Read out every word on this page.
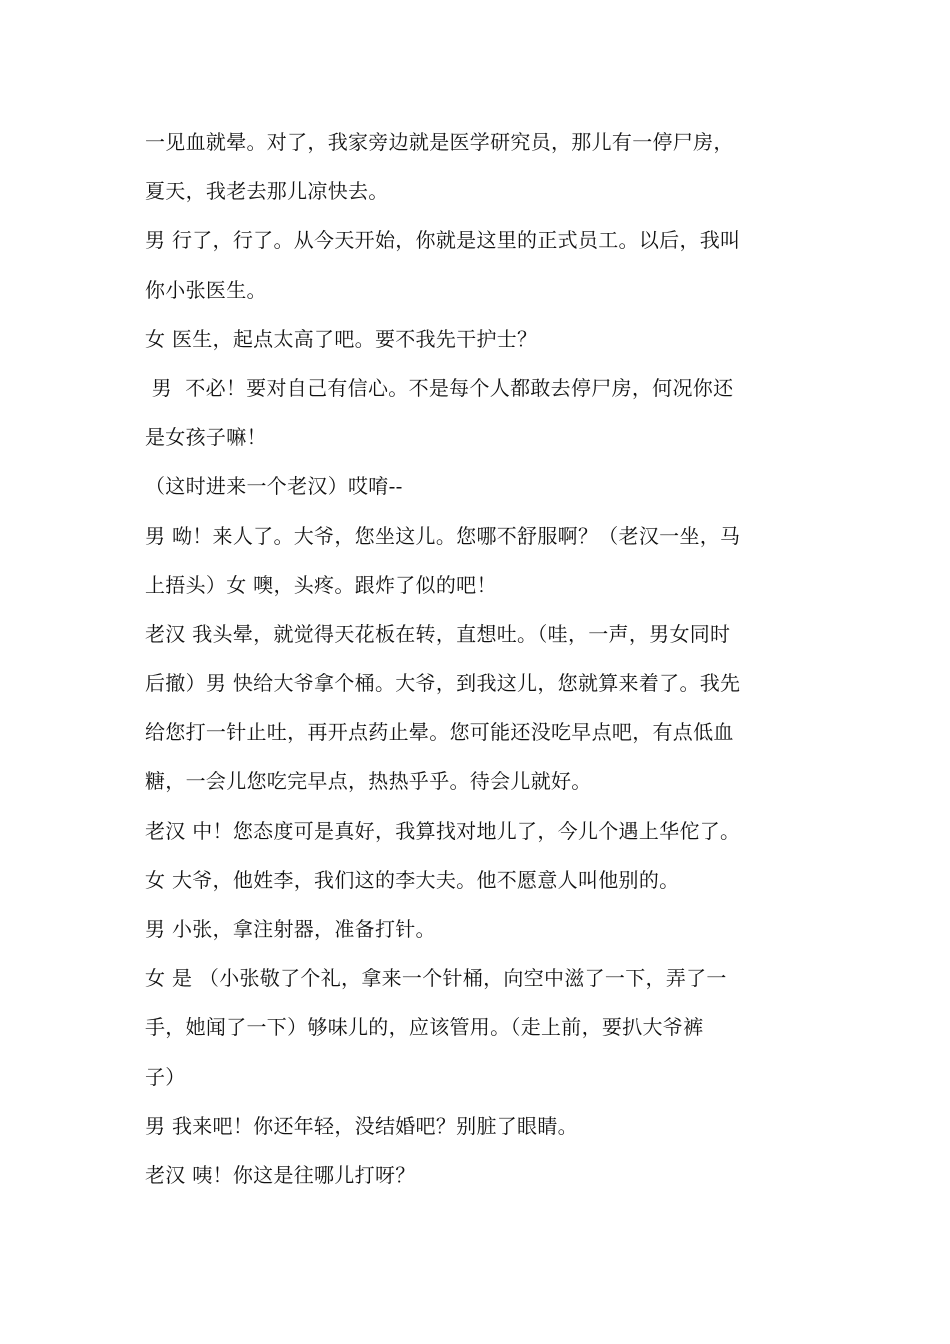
一见血就晕。对了，我家旁边就是医学研究员，那儿有一停尸房，
夏天，我老去那儿凉快去。
男 行了，行了。从今天开始，你就是这里的正式员工。以后，我叫
你小张医生。
女 医生，起点太高了吧。要不我先干护士？
男  不必！要对自己有信心。不是每个人都敢去停尸房，何况你还
是女孩子嘛！
（这时进来一个老汉）哎唷--
男 呦！来人了。大爷，您坐这儿。您哪不舒服啊？（老汉一坐，马
上捂头）女 噢，头疼。跟炸了似的吧！
老汉 我头晕，就觉得天花板在转，直想吐。（哇，一声，男女同时
后撤）男 快给大爷拿个桶。大爷，到我这儿，您就算来着了。我先
给您打一针止吐，再开点药止晕。您可能还没吃早点吧，有点低血
糖，一会儿您吃完早点，热热乎乎。待会儿就好。
老汉 中！您态度可是真好，我算找对地儿了，今儿个遇上华佗了。
女 大爷，他姓李，我们这的李大夫。他不愿意人叫他别的。
男 小张，拿注射器，准备打针。
女 是 （小张敬了个礼，拿来一个针桶，向空中滋了一下，弄了一
手，她闻了一下）够味儿的，应该管用。（走上前，要扒大爷裤
子）
男 我来吧！你还年轻，没结婚吧？别脏了眼睛。
老汉 咦！你这是往哪儿打呀？
